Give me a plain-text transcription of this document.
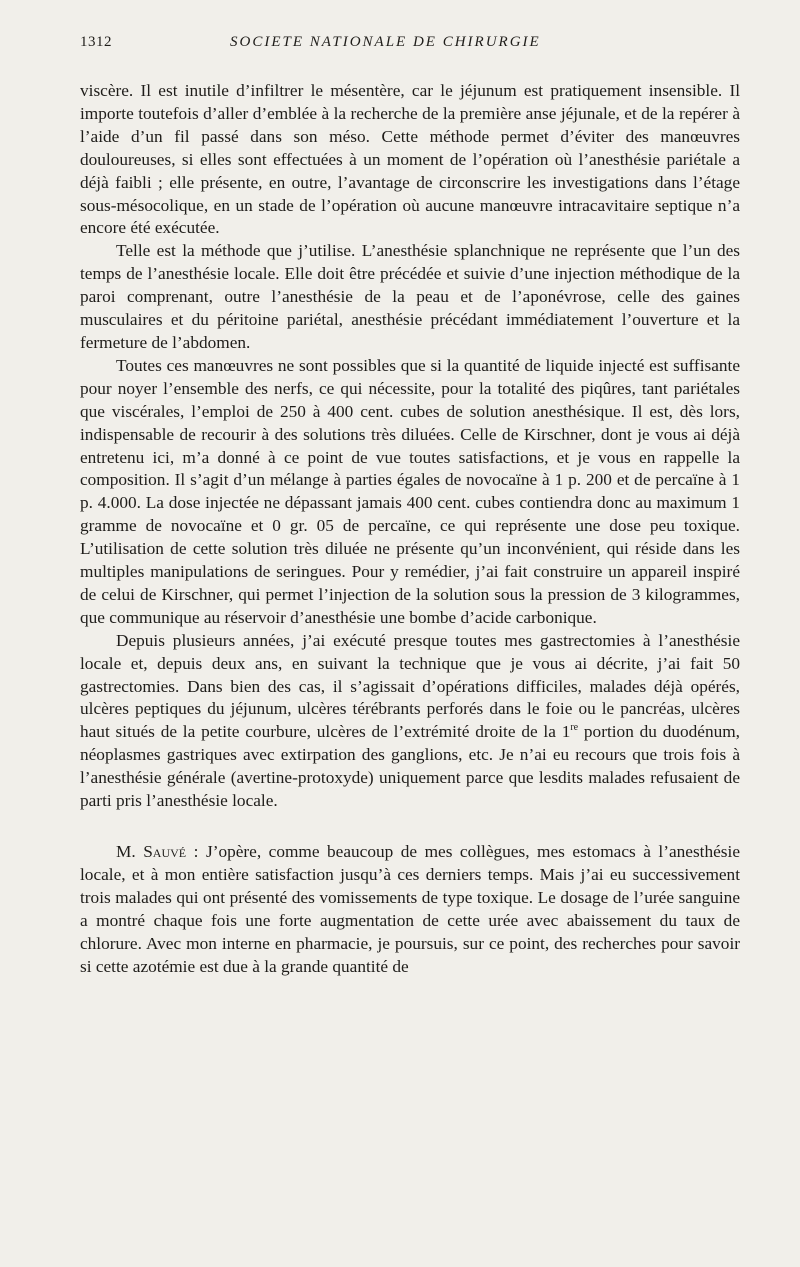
1312	SOCIETE NATIONALE DE CHIRURGIE

viscère. Il est inutile d’infiltrer le mésentère, car le jéjunum est pratiquement insensible. Il importe toutefois d’aller d’emblée à la recherche de la première anse jéjunale, et de la repérer à l’aide d’un fil passé dans son méso. Cette méthode permet d’éviter des manœuvres douloureuses, si elles sont effectuées à un moment de l’opération où l’anesthésie pariétale a déjà faibli ; elle présente, en outre, l’avantage de circonscrire les investigations dans l’étage sous-mésocolique, en un stade de l’opération où aucune manœuvre intracavitaire septique n’a encore été exécutée.

Telle est la méthode que j’utilise. L’anesthésie splanchnique ne représente que l’un des temps de l’anesthésie locale. Elle doit être précédée et suivie d’une injection méthodique de la paroi comprenant, outre l’anesthésie de la peau et de l’aponévrose, celle des gaines musculaires et du péritoine pariétal, anesthésie précédant immédiatement l’ouverture et la fermeture de l’abdomen.

Toutes ces manœuvres ne sont possibles que si la quantité de liquide injecté est suffisante pour noyer l’ensemble des nerfs, ce qui nécessite, pour la totalité des piqûres, tant pariétales que viscérales, l’emploi de 250 à 400 cent. cubes de solution anesthésique. Il est, dès lors, indispensable de recourir à des solutions très diluées. Celle de Kirschner, dont je vous ai déjà entretenu ici, m’a donné à ce point de vue toutes satisfactions, et je vous en rappelle la composition. Il s’agit d’un mélange à parties égales de novocaïne à 1 p. 200 et de percaïne à 1 p. 4.000. La dose injectée ne dépassant jamais 400 cent. cubes contiendra donc au maximum 1 gramme de novocaïne et 0 gr. 05 de percaïne, ce qui représente une dose peu toxique. L’utilisation de cette solution très diluée ne présente qu’un inconvénient, qui réside dans les multiples manipulations de seringues. Pour y remédier, j’ai fait construire un appareil inspiré de celui de Kirschner, qui permet l’injection de la solution sous la pression de 3 kilogrammes, que communique au réservoir d’anesthésie une bombe d’acide carbonique.

Depuis plusieurs années, j’ai exécuté presque toutes mes gastrectomies à l’anesthésie locale et, depuis deux ans, en suivant la technique que je vous ai décrite, j’ai fait 50 gastrectomies. Dans bien des cas, il s’agissait d’opérations difficiles, malades déjà opérés, ulcères peptiques du jéjunum, ulcères térébrants perforés dans le foie ou le pancréas, ulcères haut situés de la petite courbure, ulcères de l’extrémité droite de la 1re portion du duodénum, néoplasmes gastriques avec extirpation des ganglions, etc. Je n’ai eu recours que trois fois à l’anesthésie générale (avertine-protoxyde) uniquement parce que lesdits malades refusaient de parti pris l’anesthésie locale.

M. Sauvé : J’opère, comme beaucoup de mes collègues, mes estomacs à l’anesthésie locale, et à mon entière satisfaction jusqu’à ces derniers temps. Mais j’ai eu successivement trois malades qui ont présenté des vomissements de type toxique. Le dosage de l’urée sanguine a montré chaque fois une forte augmentation de cette urée avec abaissement du taux de chlorure. Avec mon interne en pharmacie, je poursuis, sur ce point, des recherches pour savoir si cette azotémie est due à la grande quantité de
